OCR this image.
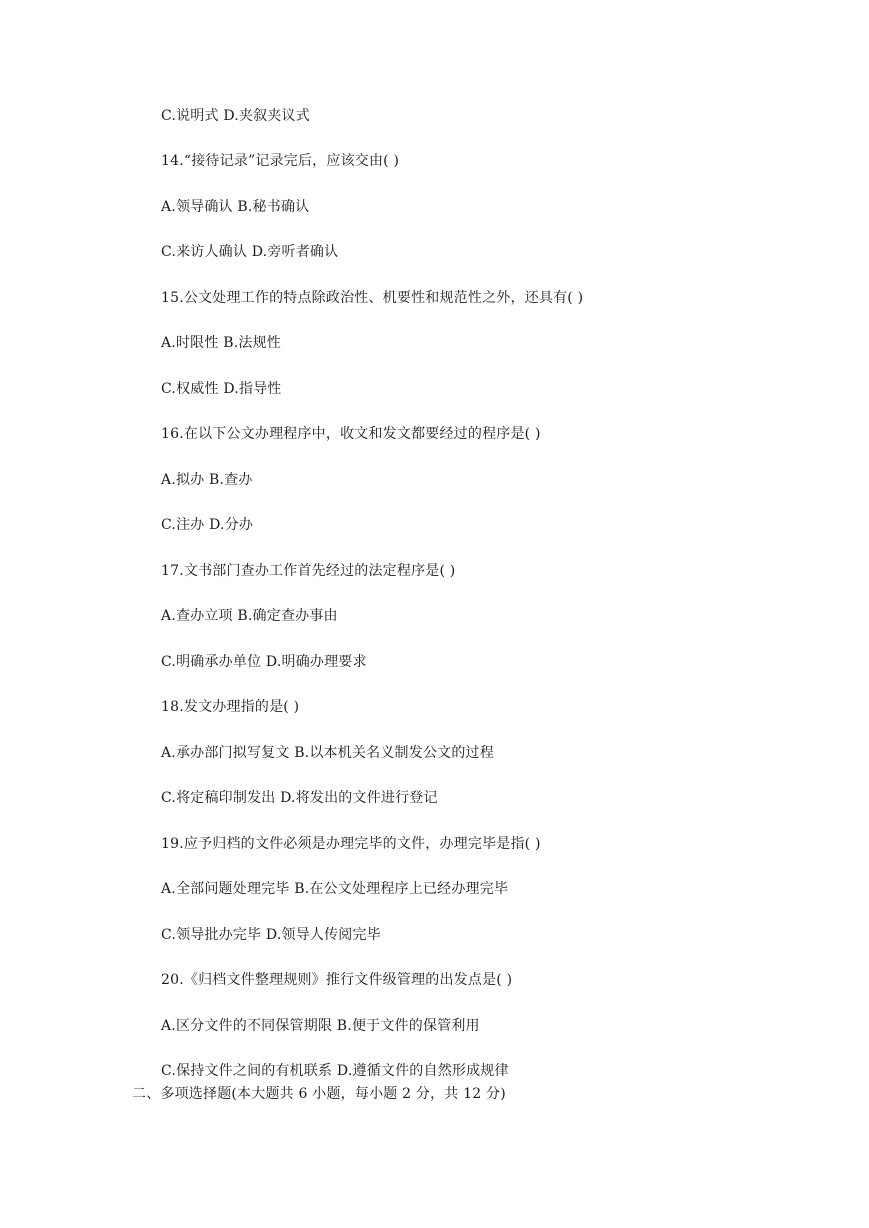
C.说明式 D.夹叙夹议式
14.“接待记录”记录完后，应该交由( )
A.领导确认 B.秘书确认
C.来访人确认 D.旁听者确认
15.公文处理工作的特点除政治性、机要性和规范性之外，还具有( )
A.时限性 B.法规性
C.权威性 D.指导性
16.在以下公文办理程序中，收文和发文都要经过的程序是( )
A.拟办 B.查办
C.注办 D.分办
17.文书部门查办工作首先经过的法定程序是( )
A.查办立项 B.确定查办事由
C.明确承办单位 D.明确办理要求
18.发文办理指的是( )
A.承办部门拟写复文 B.以本机关名义制发公文的过程
C.将定稿印制发出 D.将发出的文件进行登记
19.应予归档的文件必须是办理完毕的文件，办理完毕是指( )
A.全部问题处理完毕 B.在公文处理程序上已经办理完毕
C.领导批办完毕 D.领导人传阅完毕
20.《归档文件整理规则》推行文件级管理的出发点是( )
A.区分文件的不同保管期限 B.便于文件的保管利用
C.保持文件之间的有机联系 D.遵循文件的自然形成规律
二、多项选择题(本大题共 6 小题，每小题 2 分，共 12 分)
